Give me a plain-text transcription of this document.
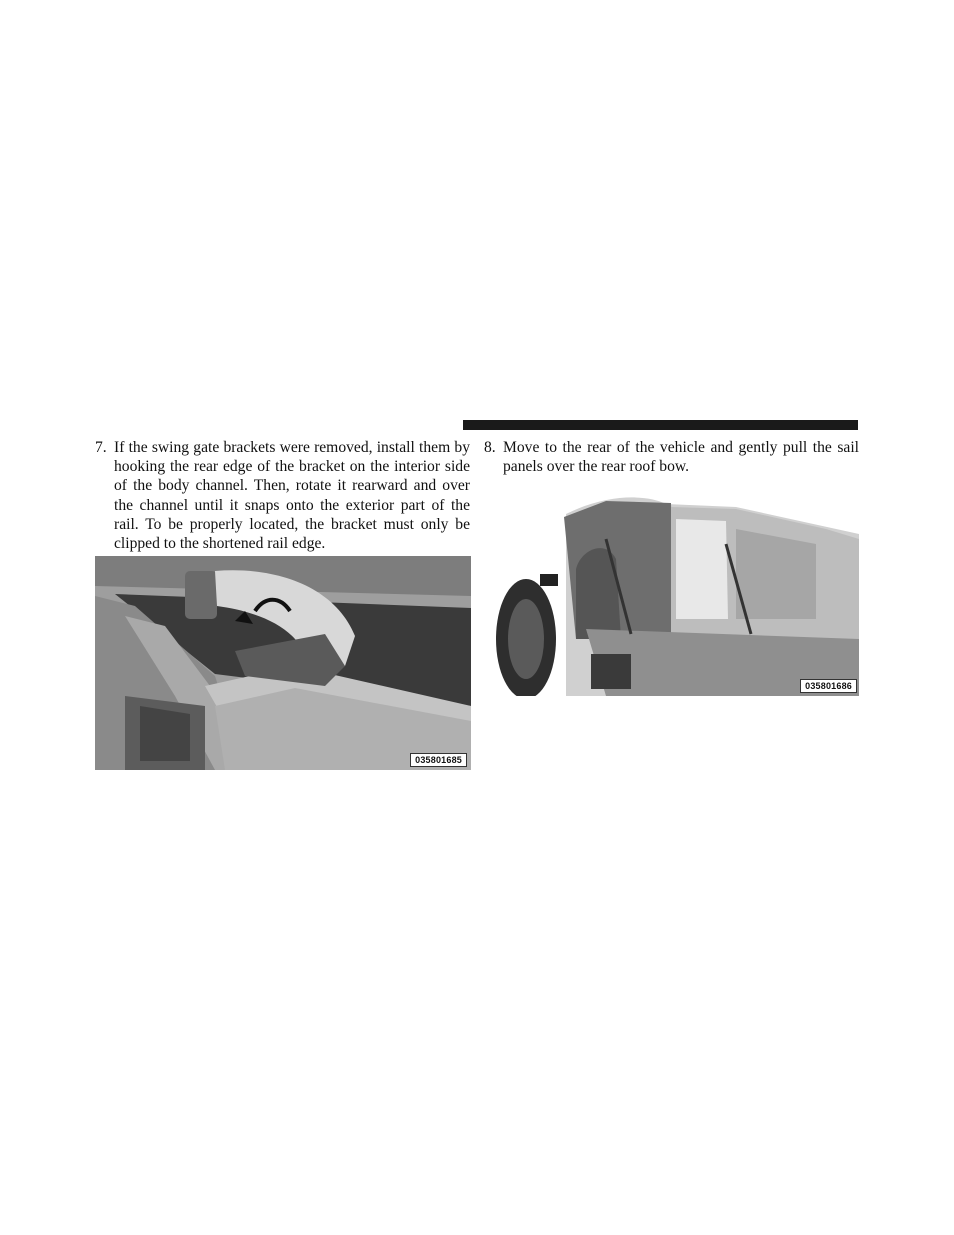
7. If the swing gate brackets were removed, install them by hooking the rear edge of the bracket on the interior side of the body channel. Then, rotate it rearward and over the channel until it snaps onto the exterior part of the rail. To be properly located, the bracket must only be clipped to the shortened rail edge.
035801685
8. Move to the rear of the vehicle and gently pull the sail panels over the rear roof bow.
035801686
